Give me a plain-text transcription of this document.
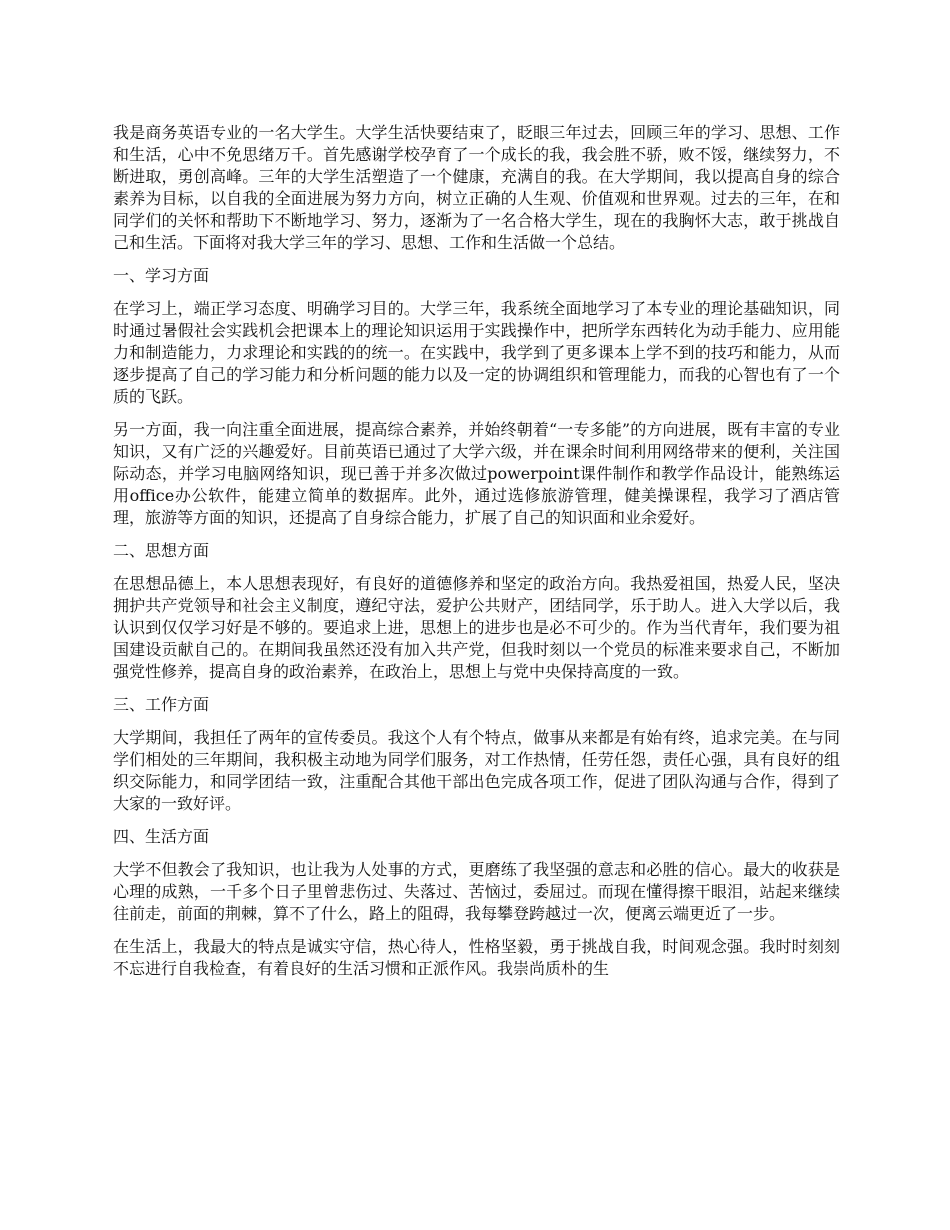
我是商务英语专业的一名大学生。大学生活快要结束了，眨眼三年过去，回顾三年的学习、思想、工作和生活，心中不免思绪万千。首先感谢学校孕育了一个成长的我，我会胜不骄，败不馁，继续努力，不断进取，勇创高峰。三年的大学生活塑造了一个健康，充满自的我。在大学期间，我以提高自身的综合素养为目标，以自我的全面进展为努力方向，树立正确的人生观、价值观和世界观。过去的三年，在和同学们的关怀和帮助下不断地学习、努力，逐渐为了一名合格大学生，现在的我胸怀大志，敢于挑战自己和生活。下面将对我大学三年的学习、思想、工作和生活做一个总结。

一、学习方面

在学习上，端正学习态度、明确学习目的。大学三年，我系统全面地学习了本专业的理论基础知识，同时通过暑假社会实践机会把课本上的理论知识运用于实践操作中，把所学东西转化为动手能力、应用能力和制造能力，力求理论和实践的的统一。在实践中，我学到了更多课本上学不到的技巧和能力，从而逐步提高了自己的学习能力和分析问题的能力以及一定的协调组织和管理能力，而我的心智也有了一个质的飞跃。

另一方面，我一向注重全面进展，提高综合素养，并始终朝着“一专多能”的方向进展，既有丰富的专业知识，又有广泛的兴趣爱好。目前英语已通过了大学六级，并在课余时间利用网络带来的便利，关注国际动态，并学习电脑网络知识，现已善于并多次做过powerpoint课件制作和教学作品设计，能熟练运用office办公软件，能建立简单的数据库。此外，通过选修旅游管理，健美操课程，我学习了酒店管理，旅游等方面的知识，还提高了自身综合能力，扩展了自己的知识面和业余爱好。

二、思想方面

在思想品德上，本人思想表现好，有良好的道德修养和坚定的政治方向。我热爱祖国，热爱人民，坚决拥护共产党领导和社会主义制度，遵纪守法，爱护公共财产，团结同学，乐于助人。进入大学以后，我认识到仅仅学习好是不够的。要追求上进，思想上的进步也是必不可少的。作为当代青年，我们要为祖国建设贡献自己的。在期间我虽然还没有加入共产党，但我时刻以一个党员的标准来要求自己，不断加强党性修养，提高自身的政治素养，在政治上，思想上与党中央保持高度的一致。

三、工作方面

大学期间，我担任了两年的宣传委员。我这个人有个特点，做事从来都是有始有终，追求完美。在与同学们相处的三年期间，我积极主动地为同学们服务，对工作热情，任劳任怨，责任心强，具有良好的组织交际能力，和同学团结一致，注重配合其他干部出色完成各项工作，促进了团队沟通与合作，得到了大家的一致好评。

四、生活方面

大学不但教会了我知识，也让我为人处事的方式，更磨练了我坚强的意志和必胜的信心。最大的收获是心理的成熟，一千多个日子里曾悲伤过、失落过、苦恼过，委屈过。而现在懂得擦干眼泪，站起来继续往前走，前面的荆棘，算不了什么，路上的阻碍，我每攀登跨越过一次，便离云端更近了一步。

在生活上，我最大的特点是诚实守信，热心待人，性格坚毅，勇于挑战自我，时间观念强。我时时刻刻不忘进行自我检查，有着良好的生活习惯和正派作风。我崇尚质朴的生
